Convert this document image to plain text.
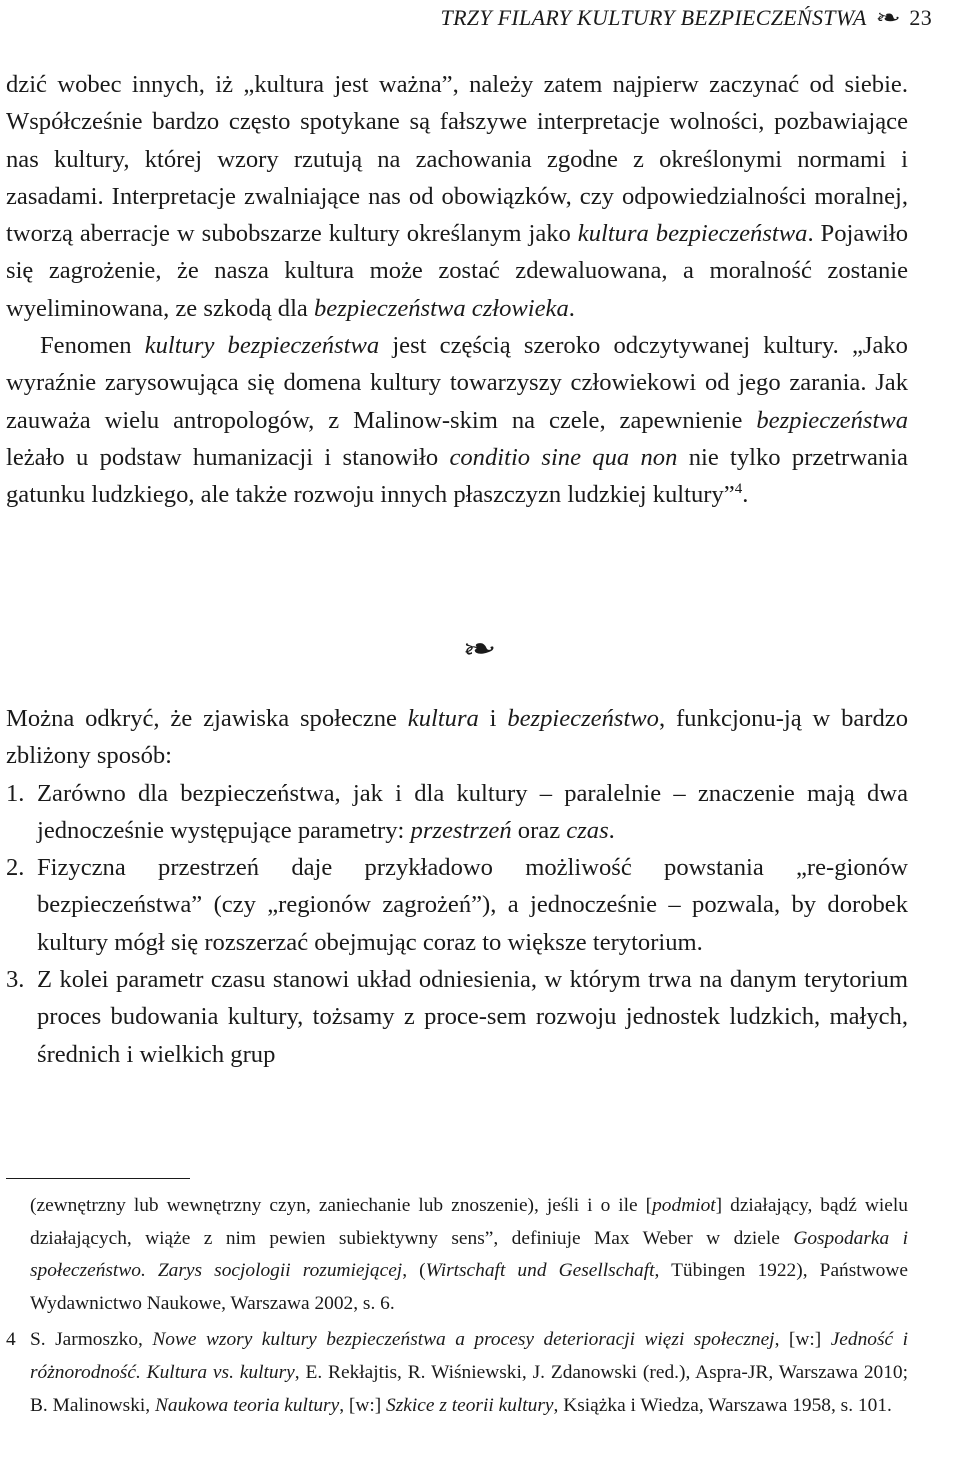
TRZY FILARY KULTURY BEZPIECZEŃSTWA ❧ 23

dzić wobec innych, iż „kultura jest ważna”, należy zatem najpierw zaczynać od siebie. Współcześnie bardzo często spotykane są fałszywe interpretacje wolności, pozbawiające nas kultury, której wzory rzutują na zachowania zgodne z określonymi normami i zasadami. Interpretacje zwalniające nas od obowiązków, czy odpowiedzialności moralnej, tworzą aberracje w subobszarze kultury określanym jako kultura bezpieczeństwa. Pojawiło się zagrożenie, że nasza kultura może zostać zdewaluowana, a moralność zostanie wyeliminowana, ze szkodą dla bezpieczeństwa człowieka.

Fenomen kultury bezpieczeństwa jest częścią szeroko odczytywanej kultury. „Jako wyraźnie zarysowująca się domena kultury towarzyszy człowiekowi od jego zarania. Jak zauważa wielu antropologów, z Malinow-skim na czele, zapewnienie bezpieczeństwa leżało u podstaw humanizacji i stanowiło conditio sine qua non nie tylko przetrwania gatunku ludzkiego, ale także rozwoju innych płaszczyzn ludzkiej kultury”$^4$.

❧

Można odkryć, że zjawiska społeczne kultura i bezpieczeństwo, funkcjonu-ją w bardzo zbliżony sposób:

1. Zarówno dla bezpieczeństwa, jak i dla kultury – paralelnie – znaczenie mają dwa jednocześnie występujące parametry: przestrzeń oraz czas.
2. Fizyczna przestrzeń daje przykładowo możliwość powstania „re-gionów bezpieczeństwa” (czy „regionów zagrożeń”), a jednocześnie – pozwala, by dorobek kultury mógł się rozszerzać obejmując coraz to większe terytorium.
3. Z kolei parametr czasu stanowi układ odniesienia, w którym trwa na danym terytorium proces budowania kultury, tożsamy z proce-sem rozwoju jednostek ludzkich, małych, średnich i wielkich grup

(zewnętrzny lub wewnętrzny czyn, zaniechanie lub znoszenie), jeśli i o ile [podmiot] działający, bądź wielu działających, wiąże z nim pewien subiektywny sens”, definiuje Max Weber w dziele Gospodarka i społeczeństwo. Zarys socjologii rozumiejącej, (Wirtschaft und Gesellschaft, Tübingen 1922), Państwowe Wydawnictwo Naukowe, Warszawa 2002, s. 6.

4 S. Jarmoszko, Nowe wzory kultury bezpieczeństwa a procesy deterioracji więzi społecznej, [w:] Jedność i różnorodność. Kultura vs. kultury, E. Rekłajtis, R. Wiśniewski, J. Zdanowski (red.), Aspra-JR, Warszawa 2010; B. Malinowski, Naukowa teoria kultury, [w:] Szkice z teorii kultury, Książka i Wiedza, Warszawa 1958, s. 101.
